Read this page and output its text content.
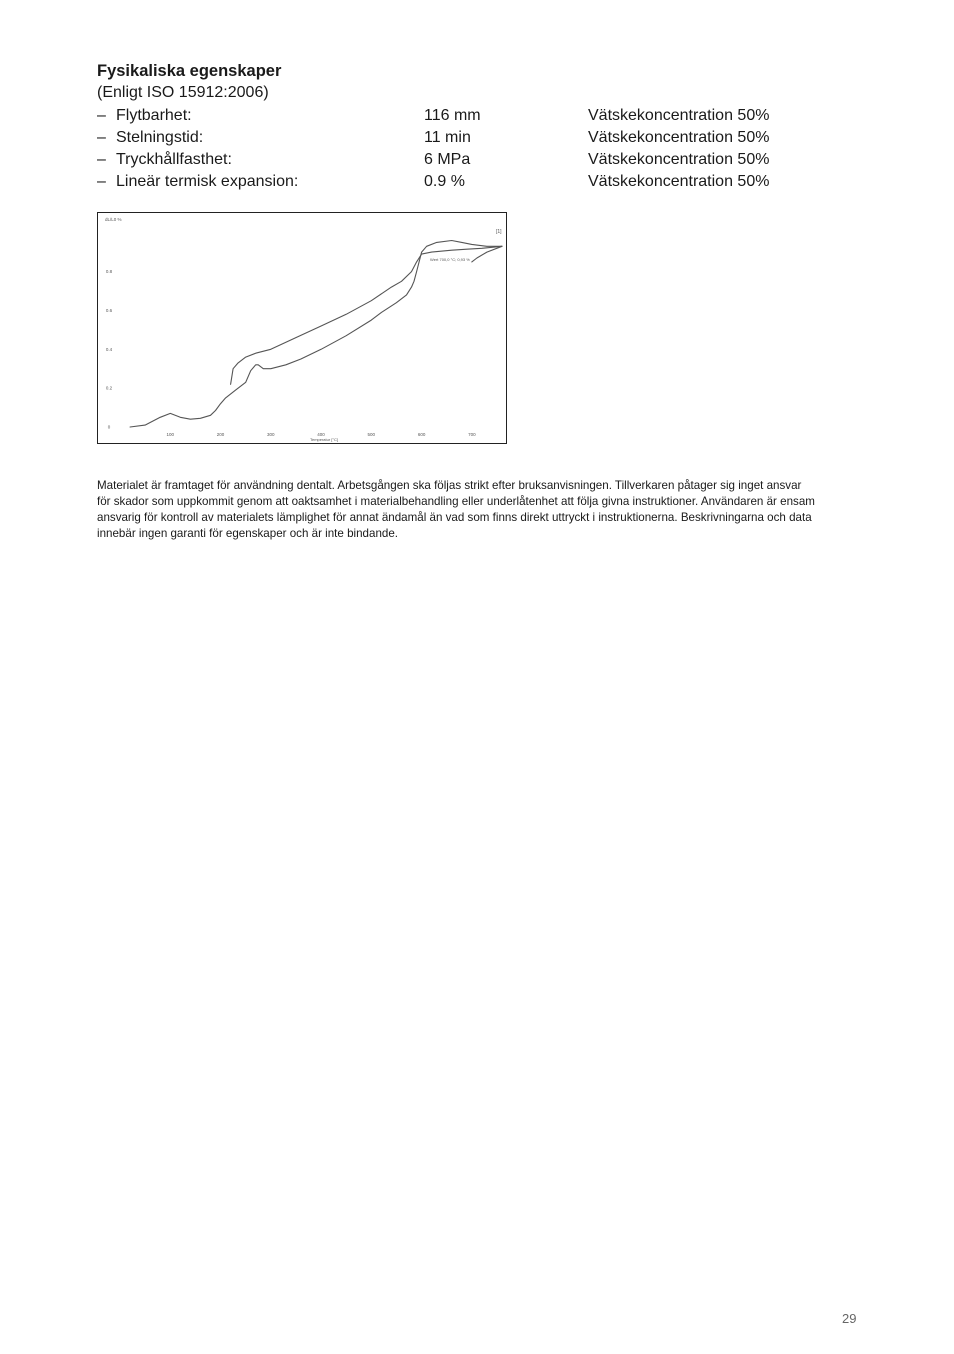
Fysikaliska egenskaper
(Enligt ISO 15912:2006)
– Flytbarhet:	116 mm	Vätskekoncentration 50%
– Stelningstid:	11 min	Vätskekoncentration 50%
– Tryckhållfasthet:	6 MPa	Vätskekoncentration 50%
– Lineär termisk expansion:	0.9 %	Vätskekoncentration 50%
dL/L0 %
Temperatur [°C]
Wert 700,0 °C; 0,93 %
[1]
0
0.2
0.4
0.6
0.8
100	200	300	400	500	600	700
Materialet är framtaget för användning dentalt. Arbetsgången ska följas strikt efter bruksanvisningen. Tillverkaren påtager sig inget ansvar
för skador som uppkommit genom att oaktsamhet i materialbehandling eller underlåtenhet att följa givna instruktioner. Användaren är ensam
ansvarig för kontroll av materialets lämplighet för annat ändamål än vad som finns direkt uttryckt i instruktionerna. Beskrivningarna och data
innebär ingen garanti för egenskaper och är inte bindande.
29
